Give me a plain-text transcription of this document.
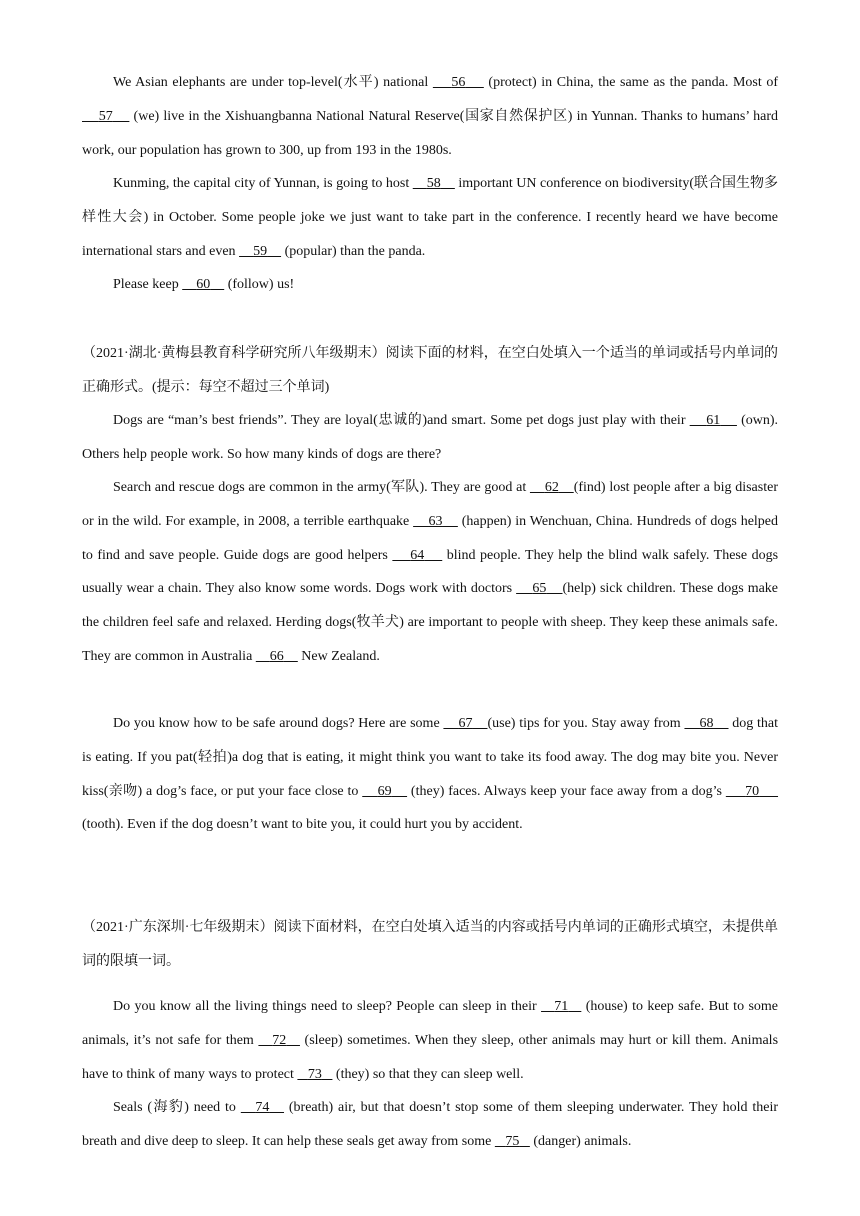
We Asian elephants are under top-level(水平) national     56     (protect) in China, the same as the panda. Most of     57     (we) live in the Xishuangbanna National Natural Reserve(国家自然保护区) in Yunnan. Thanks to humans’ hard work, our population has grown to 300, up from 193 in the 1980s.

Kunming, the capital city of Yunnan, is going to host     58     important UN conference on biodiversity(联合国生物多样性大会) in October. Some people joke we just want to take part in the conference. I recently heard we have become international stars and even     59     (popular) than the panda.

Please keep     60     (follow) us!

（2021·湖北·黄梅县教育科学研究所八年级期末）阅读下面的材料，在空白处填入一个适当的单词或括号内单词的正确形式。(提示：每空不超过三个单词)

Dogs are “man’s best friends”. They are loyal(忠诚的)and smart. Some pet dogs just play with their     61     (own). Others help people work. So how many kinds of dogs are there?

Search and rescue dogs are common in the army(军队). They are good at     62 (find) lost people after a big disaster or in the wild. For example, in 2008, a terrible earthquake     63     (happen) in Wenchuan, China. Hundreds of dogs helped to find and save people. Guide dogs are good helpers     64     blind people. They help the blind walk safely. These dogs usually wear a chain. They also know some words. Dogs work with doctors     65 (help) sick children. These dogs make the children feel safe and relaxed. Herding dogs(牧羊犬) are important to people with sheep. They keep these animals safe. They are common in Australia     66     New Zealand.

Do you know how to be safe around dogs? Here are some     67 (use) tips for you. Stay away from     68     dog that is eating. If you pat(轻拍)a dog that is eating, it might think you want to take its food away. The dog may bite you. Never kiss(亲吻) a dog’s face, or put your face close to     69     (they) faces. Always keep your face away from a dog’s      70      (tooth). Even if the dog doesn’t want to bite you, it could hurt you by accident.

（2021·广东深圳·七年级期末）阅读下面材料，在空白处填入适当的内容或括号内单词的正确形式填空，未提供单词的限填一词。

Do you know all the living things need to sleep? People can sleep in their    71    (house) to keep safe. But to some animals, it’s not safe for them    72    (sleep) sometimes. When they sleep, other animals may hurt or kill them. Animals have to think of many ways to protect    73    (they) so that they can sleep well.

Seals (海豹) need to    74    (breath) air, but that doesn’t stop some of them sleeping underwater. They hold their breath and dive deep to sleep. It can help these seals get away from some    75    (danger) animals.
